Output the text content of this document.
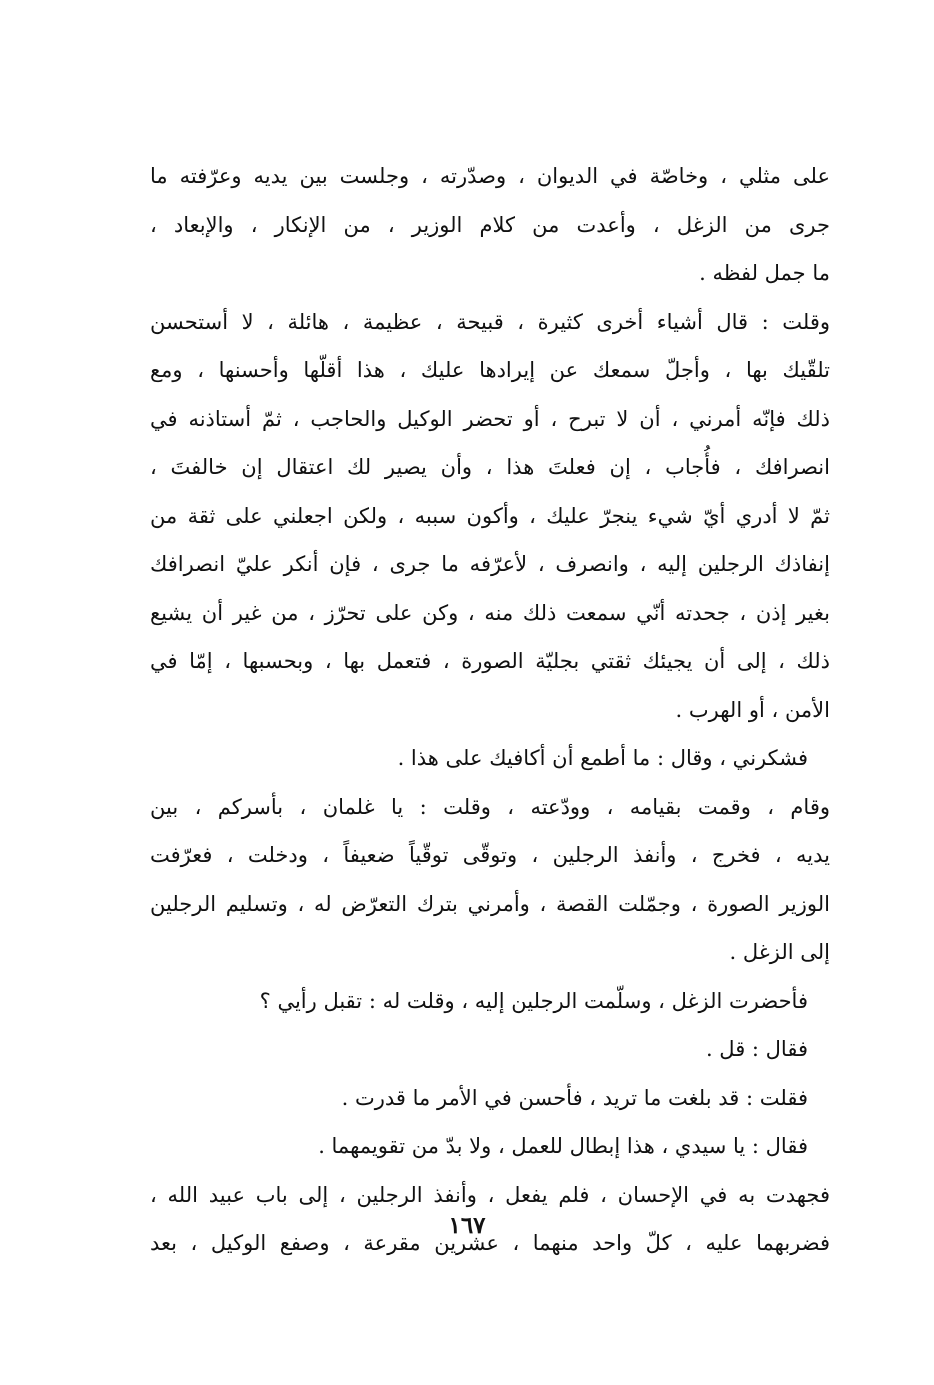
على مثلي ، وخاصّة في الديوان ، وصدّرته ، وجلست بين يديه وعرّفته ما
جرى من الزغل ، وأعدت من كلام الوزير ، من الإنكار ، والإبعاد ،
ما جمل لفظه .
وقلت : قال أشياء أخرى كثيرة ، قبيحة ، عظيمة ، هائلة ، لا أستحسن
تلقّيك بها ، وأجلّ سمعك عن إيرادها عليك ، هذا أقلّها وأحسنها ، ومع
ذلك فإنّه أمرني ، أن لا تبرح ، أو تحضر الوكيل والحاجب ، ثمّ أستاذنه في
انصرافك ، فأُجاب ، إن فعلتَ هذا ، وأن يصير لك اعتقال إن خالفتَ ،
ثمّ لا أدري أيّ شيء ينجرّ عليك ، وأكون سببه ، ولكن اجعلني على ثقة من
إنفاذك الرجلين إليه ، وانصرف ، لأعرّفه ما جرى ، فإن أنكر عليّ انصرافك
بغير إذن ، جحدته أنّي سمعت ذلك منه ، وكن على تحرّز ، من غير أن يشيع
ذلك ، إلى أن يجيئك ثقتي بجليّة الصورة ، فتعمل بها ، وبحسبها ، إمّا في
الأمن ، أو الهرب .
فشكرني ، وقال : ما أطمع أن أكافيك على هذا .
وقام ، وقمت بقيامه ، وودّعته ، وقلت : يا غلمان ، بأسركم ، بين
يديه ، فخرج ، وأنفذ الرجلين ، وتوقّى توقّياً ضعيفاً ، ودخلت ، فعرّفت
الوزير الصورة ، وجمّلت القصة ، وأمرني بترك التعرّض له ، وتسليم الرجلين
إلى الزغل .
فأحضرت الزغل ، وسلّمت الرجلين إليه ، وقلت له : تقبل رأيي ؟
فقال : قل .
فقلت : قد بلغت ما تريد ، فأحسن في الأمر ما قدرت .
فقال : يا سيدي ، هذا إبطال للعمل ، ولا بدّ من تقويمهما .
فجهدت به في الإحسان ، فلم يفعل ، وأنفذ الرجلين ، إلى باب عبيد الله ،
فضربهما عليه ، كلّ واحد منهما ، عشرين مقرعة ، وصفع الوكيل ، بعد
١٦٧
